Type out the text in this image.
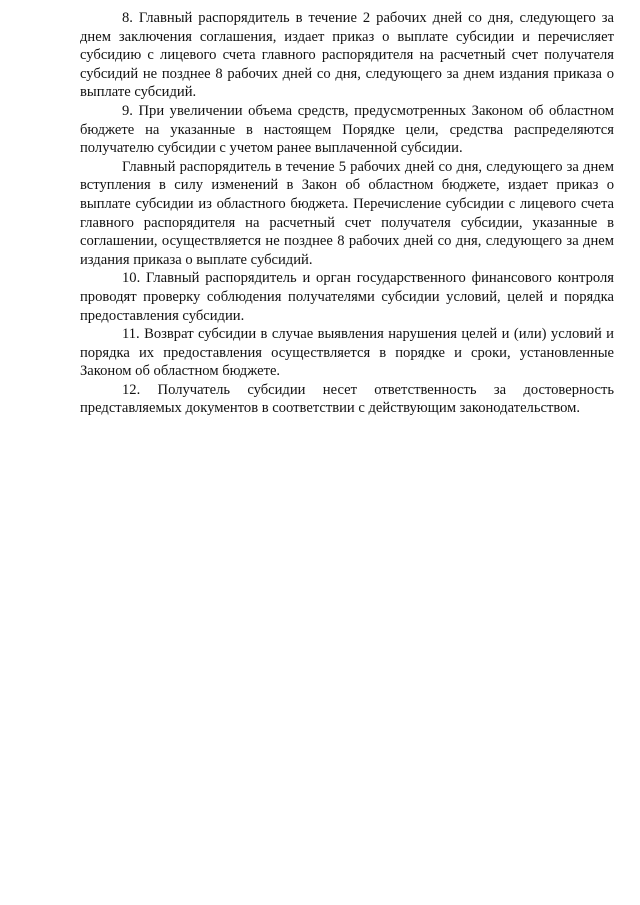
8. Главный распорядитель в течение 2 рабочих дней со дня, следующего за днем заключения соглашения, издает приказ о выплате субсидии и перечисляет субсидию с лицевого счета главного распорядителя на расчетный счет получателя субсидий не позднее 8 рабочих дней со дня, следующего за днем издания приказа о выплате субсидий.

9. При увеличении объема средств, предусмотренных Законом об областном бюджете на указанные в настоящем Порядке цели, средства распределяются получателю субсидии с учетом ранее выплаченной субсидии.

Главный распорядитель в течение 5 рабочих дней со дня, следующего за днем вступления в силу изменений в Закон об областном бюджете, издает приказ о выплате субсидии из областного бюджета. Перечисление субсидии с лицевого счета главного распорядителя на расчетный счет получателя субсидии, указанные в соглашении, осуществляется не позднее 8 рабочих дней со дня, следующего за днем издания приказа о выплате субсидий.

10. Главный распорядитель и орган государственного финансового контроля проводят проверку соблюдения получателями субсидии условий, целей и порядка предоставления субсидии.

11. Возврат субсидии в случае выявления нарушения целей и (или) условий и порядка их предоставления осуществляется в порядке и сроки, установленные Законом об областном бюджете.

12. Получатель субсидии несет ответственность за достоверность представляемых документов в соответствии с действующим законодательством.
